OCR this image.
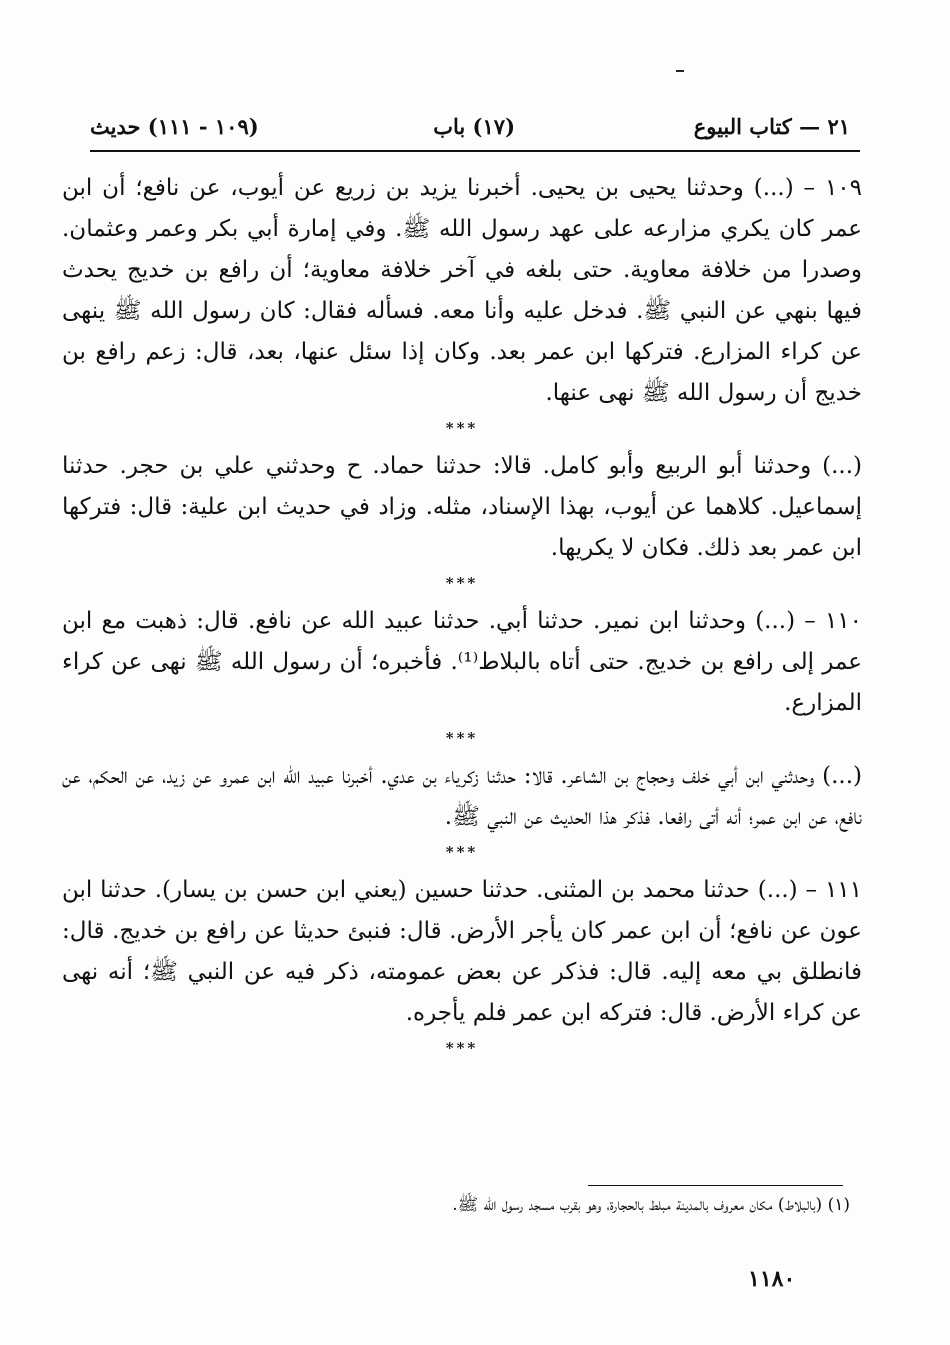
٢١ — كتاب البيوع
(١٧) باب
(١٠٩ - ١١١) حديث

١٠٩ – (...) وحدثنا يحيى بن يحيى. أخبرنا يزيد بن زريع عن أيوب، عن نافع؛ أن ابن عمر كان يكري مزارعه على عهد رسول الله ﷺ. وفي إمارة أبي بكر وعمر وعثمان. وصدرا من خلافة معاوية. حتى بلغه في آخر خلافة معاوية؛ أن رافع بن خديج يحدث فيها بنهي عن النبي ﷺ. فدخل عليه وأنا معه. فسأله فقال: كان رسول الله ﷺ ينهى عن كراء المزارع. فتركها ابن عمر بعد. وكان إذا سئل عنها، بعد، قال: زعم رافع بن خديج أن رسول الله ﷺ نهى عنها.

***

(...) وحدثنا أبو الربيع وأبو كامل. قالا: حدثنا حماد. ح وحدثني علي بن حجر. حدثنا إسماعيل. كلاهما عن أيوب، بهذا الإسناد، مثله. وزاد في حديث ابن علية: قال: فتركها ابن عمر بعد ذلك. فكان لا يكريها.

***

١١٠ – (...) وحدثنا ابن نمير. حدثنا أبي. حدثنا عبيد الله عن نافع. قال: ذهبت مع ابن عمر إلى رافع بن خديج. حتى أتاه بالبلاط⁽¹⁾. فأخبره؛ أن رسول الله ﷺ نهى عن كراء المزارع.

***

(...) وحدثني ابن أبي خلف وحجاج بن الشاعر. قالا: حدثنا زكرياء بن عدي. أخبرنا عبيد الله ابن عمرو عن زيد، عن الحكم، عن نافع، عن ابن عمر؛ أنه أتى رافعا. فذكر هذا الحديث عن النبي ﷺ.

***

١١١ – (...) حدثنا محمد بن المثنى. حدثنا حسين (يعني ابن حسن بن يسار). حدثنا ابن عون عن نافع؛ أن ابن عمر كان يأجر الأرض. قال: فنبئ حديثا عن رافع بن خديج. قال: فانطلق بي معه إليه. قال: فذكر عن بعض عمومته، ذكر فيه عن النبي ﷺ؛ أنه نهى عن كراء الأرض. قال: فتركه ابن عمر فلم يأجره.

***
(١) (بالبلاط) مكان معروف بالمدينة مبلط بالحجارة، وهو بقرب مسجد رسول الله ﷺ.
١١٨٠
